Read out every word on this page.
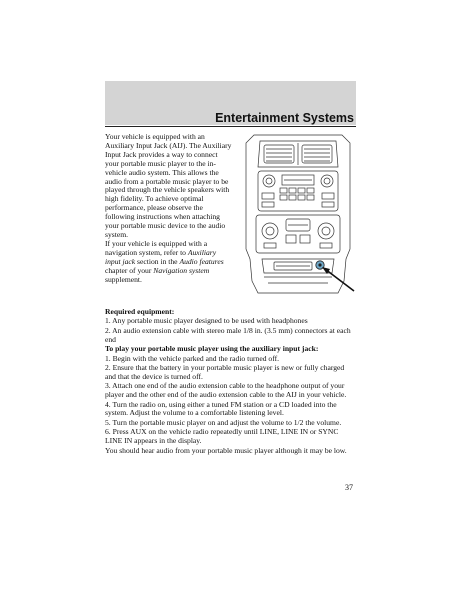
Entertainment Systems

Your vehicle is equipped with an Auxiliary Input Jack (AIJ). The Auxiliary Input Jack provides a way to connect your portable music player to the in-vehicle audio system. This allows the audio from a portable music player to be played through the vehicle speakers with high fidelity. To achieve optimal performance, please observe the following instructions when attaching your portable music device to the audio system.

If your vehicle is equipped with a navigation system, refer to Auxiliary input jack section in the Audio features chapter of your Navigation system supplement.

Required equipment:

1. Any portable music player designed to be used with headphones

2. An audio extension cable with stereo male 1/8 in. (3.5 mm) connectors at each end

To play your portable music player using the auxiliary input jack:

1. Begin with the vehicle parked and the radio turned off.

2. Ensure that the battery in your portable music player is new or fully charged and that the device is turned off.

3. Attach one end of the audio extension cable to the headphone output of your player and the other end of the audio extension cable to the AIJ in your vehicle.

4. Turn the radio on, using either a tuned FM station or a CD loaded into the system. Adjust the volume to a comfortable listening level.

5. Turn the portable music player on and adjust the volume to 1/2 the volume.

6. Press AUX on the vehicle radio repeatedly until LINE, LINE IN or SYNC LINE IN appears in the display.

You should hear audio from your portable music player although it may be low.

37
